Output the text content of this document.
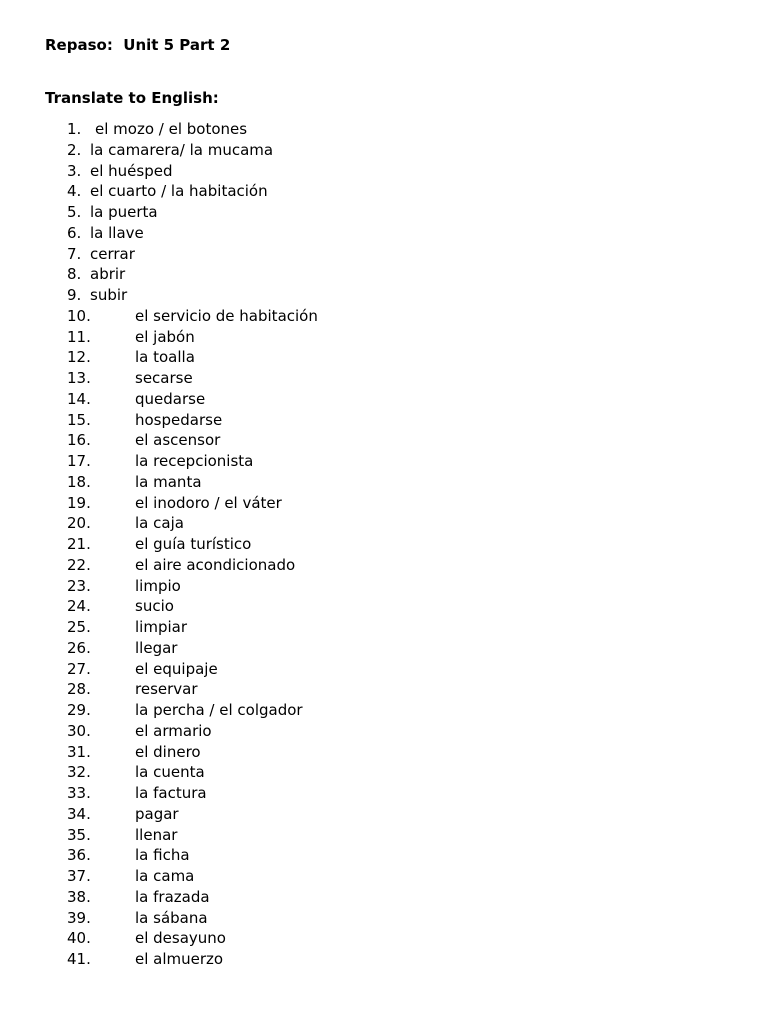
Repaso:  Unit 5 Part 2
Translate to English:
1. el mozo / el botones
2. la camarera/ la mucama
3. el huésped
4. el cuarto / la habitación
5. la puerta
6. la llave
7. cerrar
8. abrir
9. subir
10.	el servicio de habitación
11.	el jabón
12.	la toalla
13.	secarse
14.	quedarse
15.	hospedarse
16.	el ascensor
17.	la recepcionista
18.	la manta
19.	el inodoro / el váter
20.	la caja
21.	el guía turístico
22.	el aire acondicionado
23.	limpio
24.	sucio
25.	limpiar
26.	llegar
27.	el equipaje
28.	reservar
29.	la percha / el colgador
30.	el armario
31.	el dinero
32.	la cuenta
33.	la factura
34.	pagar
35.	llenar
36.	la ficha
37.	la cama
38.	la frazada
39.	la sábana
40.	el desayuno
41.	el almuerzo
